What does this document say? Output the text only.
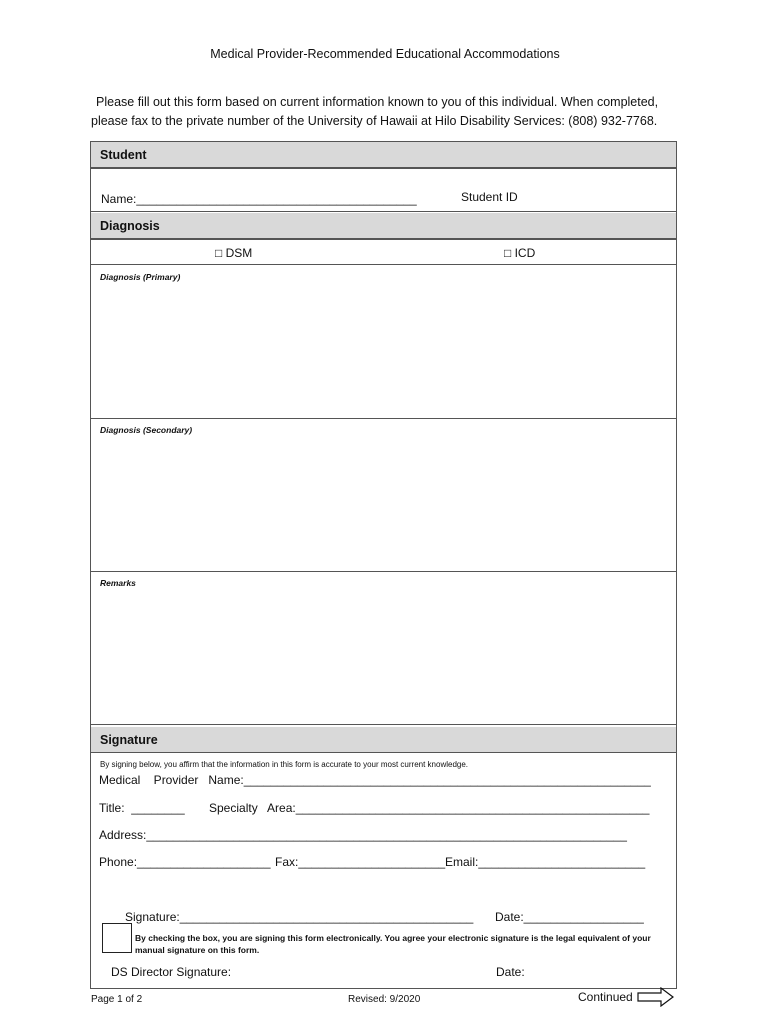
Medical Provider-Recommended Educational Accommodations

Please fill out this form based on current information known to you of this individual. When completed,

please fax to the private number of the University of Hawaii at Hilo Disability Services: (808) 932-7768.

Student
Name:__________________________________________	Student ID
Diagnosis
□ DSM	□ ICD
Diagnosis (Primary)
Diagnosis (Secondary)
Remarks
Signature
By signing below, you affirm that the information in this form is accurate to your most current knowledge.
Medical    Provider   Name:_____________________________________________________________
Title:  ________ Specialty   Area:_____________________________________________________
Address:________________________________________________________________________
Phone:____________________ Fax:______________________ Email:_________________________
Signature:____________________________________________ Date:__________________
By checking the box, you are signing this form electronically. You agree your electronic signature is the legal equivalent of your manual signature on this form.
DS Director Signature:	Date:
Page 1 of 2	Revised: 9/2020	Continued
